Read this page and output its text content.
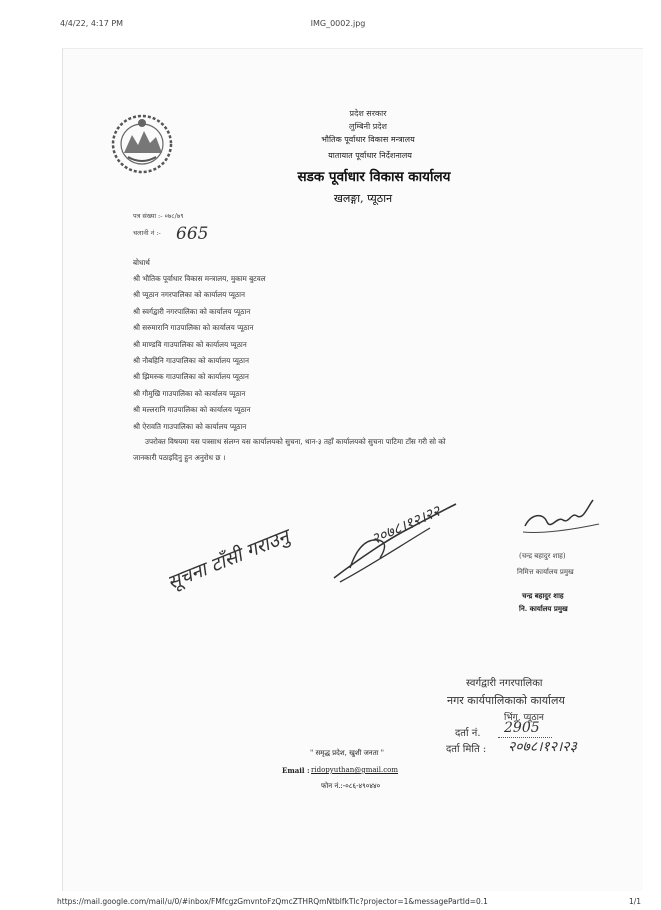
4/4/22, 4:17 PM	IMG_0002.jpg
प्रदेश सरकार
लुम्बिनी प्रदेश
भौतिक पूर्वाधार विकास मन्त्रालय
यातायात पूर्वाधार निर्देशनालय
सडक पूर्वाधार विकास कार्यालय
खलङ्गा, प्यूठान
पत्र संख्या :- ०७८/७९
चलानी नं :- 665
बोधार्थ
श्री भौतिक पूर्वाधार विकास मन्त्रालय, मुकाम बुटवल
श्री प्यूठान नगरपालिका को कार्यालय प्यूठान
श्री स्वर्गद्वारी नगरपालिका को कार्यालय प्यूठान
श्री सरुमारानि गाउपालिका को कार्यालय प्यूठान
श्री माण्डवि गाउपालिका को कार्यालय प्यूठान
श्री नौबहिनि गाउपालिका को कार्यालय प्यूठान
श्री झिमरुक गाउपालिका को कार्यालय प्यूठान
श्री गौमुखि गाउपालिका को कार्यालय प्यूठान
श्री मल्लरानि गाउपालिका को कार्यालय प्यूठान
श्री ऐरावति गाउपालिका को कार्यालय प्यूठान
उपरोक्त विषयमा यस पत्रसाथ संलग्न यस कार्यालयको सुचना, थान-३ तहाँ कार्यालयको सुचना पाटिमा टाँस गरी सो को
जानकारी पठाइदिनु हुन अनुरोध छ ।
सूचना टाँसी गराउनु
२०७८।१२।२२
(चन्द्र बहादुर शाह)
निमित्त कार्यालय प्रमुख
चन्द्र बहादुर शाह
नि. कार्यालय प्रमुख
स्वर्गद्वारी नगरपालिका
नगर कार्यपालिकाको कार्यालय
भिंगु, प्यूठान
दर्ता नं. 2905
दर्ता मिति : २०७८।१२।२३
" समृद्ध प्रदेश, खुशी जनता "
Email : ridopyuthan@gmail.com
फोन नं.:-०८६-४९०४४०
https://mail.google.com/mail/u/0/#inbox/FMfcgzGmvntoFzQmcZTHRQmNtblfkTlc?projector=1&messagePartId=0.1	1/1
